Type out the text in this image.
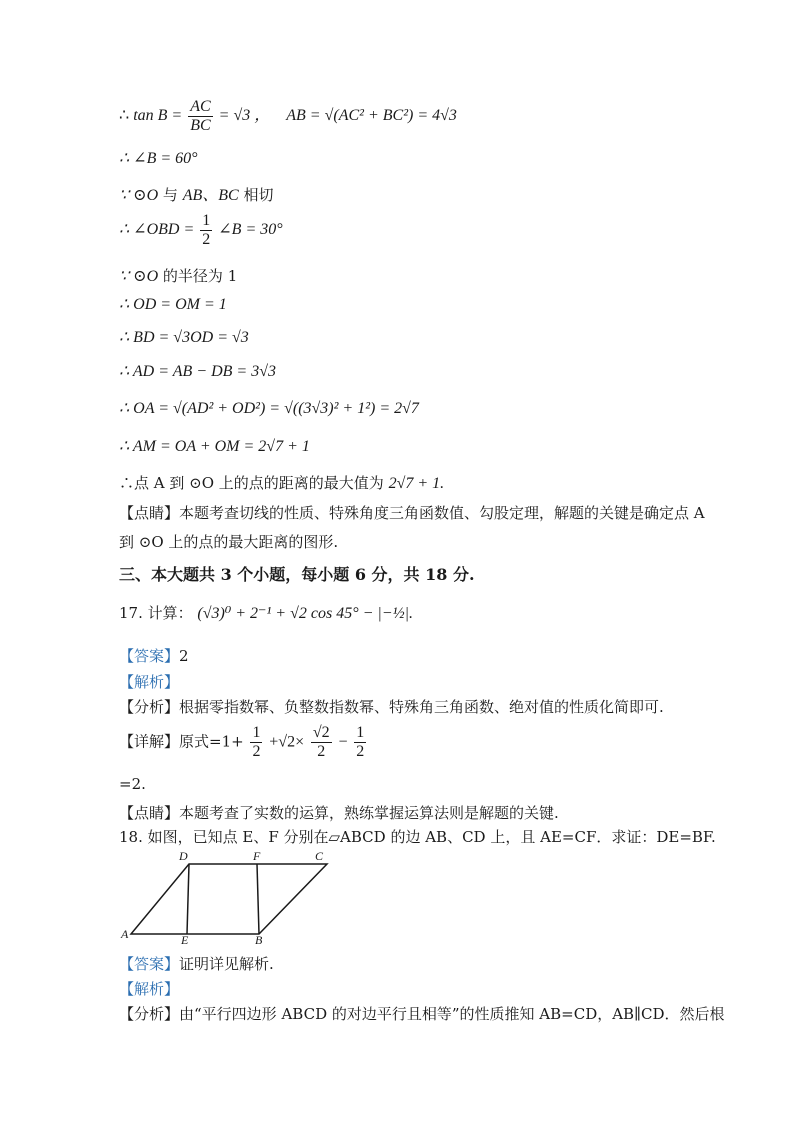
∴ $\tan B = \frac{AC}{BC} = √3$ ， AB = √(AC² + BC²) = 4√3
∴ ∠B = 60°
∵ ⊙O 与 AB、BC 相切
∴ ∠OBD = $\frac{1}{2}$ ∠B = 30°
∵ ⊙O 的半径为 1
∴ OD = OM = 1
∴ BD = √3OD = √3
∴ AD = AB − DB = 3√3
∴ OA = √(AD² + OD²) = √((3√3)² + 1²) = 2√7
∴ AM = OA + OM = 2√7 + 1
∴点 A 到 ⊙O 上的点的距离的最大值为 2√7 + 1.
【点睛】本题考查切线的性质、特殊角度三角函数值、勾股定理，解题的关键是确定点 A
到 ⊙O 上的点的最大距离的图形.
三、本大题共 3 个小题，每小题 6 分，共 18 分.
17. 计算： (√3)⁰ + 2⁻¹ + √2 cos 45° − |−½|.
【答案】2
【解析】
【分析】根据零指数幂、负整数指数幂、特殊角三角函数、绝对值的性质化简即可.
【详解】原式$=1+ \frac{1}{2} +√2\times \frac{√2}{2} - \frac{1}{2}$
=2.
【点睛】本题考查了实数的运算，熟练掌握运算法则是解题的关键.
18. 如图，已知点 E、F 分别在▱ABCD 的边 AB、CD 上，且 AE=CF．求证：DE=BF.
A	E	B
C
D	F
【答案】证明详见解析.
【解析】
【分析】由“平行四边形 ABCD 的对边平行且相等”的性质推知 AB=CD，AB∥CD．然后根
